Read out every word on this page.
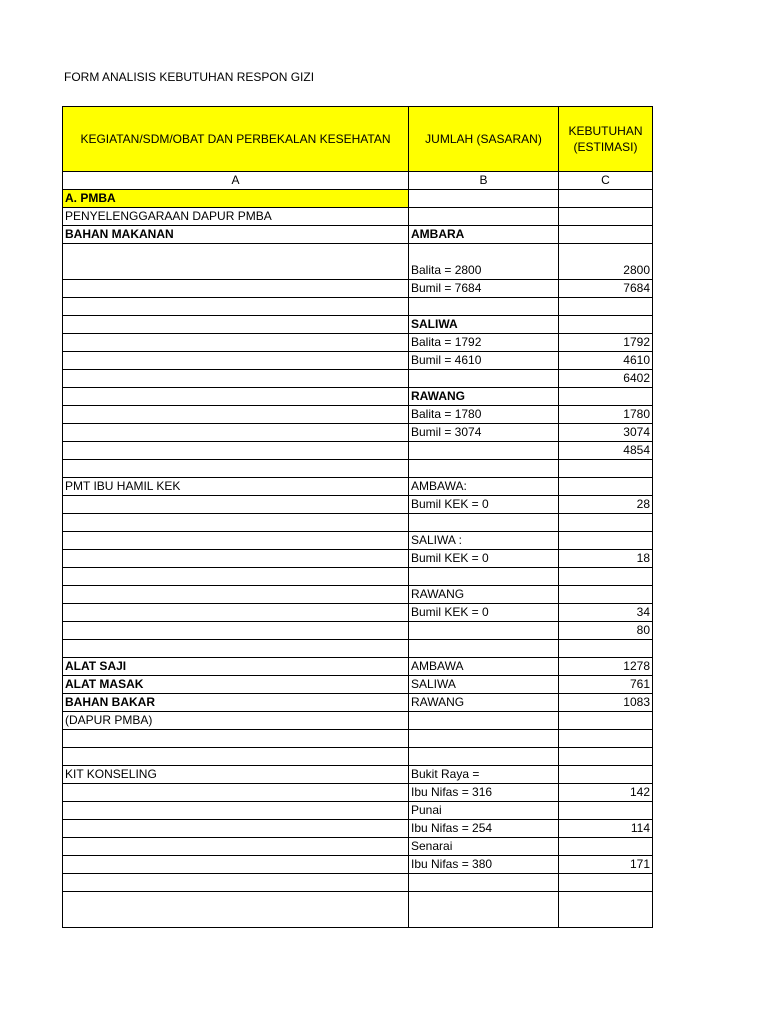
FORM ANALISIS KEBUTUHAN RESPON GIZI
KEGIATAN/SDM/OBAT DAN PERBEKALAN KESEHATAN	JUMLAH (SASARAN)	KEBUTUHAN (ESTIMASI)
A	B	C
A. PMBA		
PENYELENGGARAAN DAPUR PMBA		
BAHAN MAKANAN	AMBARA	
	Balita = 2800	2800
	Bumil = 7684	7684

	SALIWA	
	Balita = 1792	1792
	Bumil = 4610	4610
		6402
	RAWANG	
	Balita = 1780	1780
	Bumil = 3074	3074
		4854

PMT IBU HAMIL KEK	AMBAWA:	
	Bumil KEK = 0	28

	SALIWA :	
	Bumil KEK = 0	18

	RAWANG	
	Bumil KEK = 0	34
		80

ALAT SAJI	AMBAWA	1278
ALAT MASAK	SALIWA	761
BAHAN BAKAR	RAWANG	1083
(DAPUR PMBA)		

KIT KONSELING	Bukit Raya =	
	Ibu Nifas = 316	142
	Punai	
	Ibu Nifas = 254	114
	Senarai	
	Ibu Nifas = 380	171
